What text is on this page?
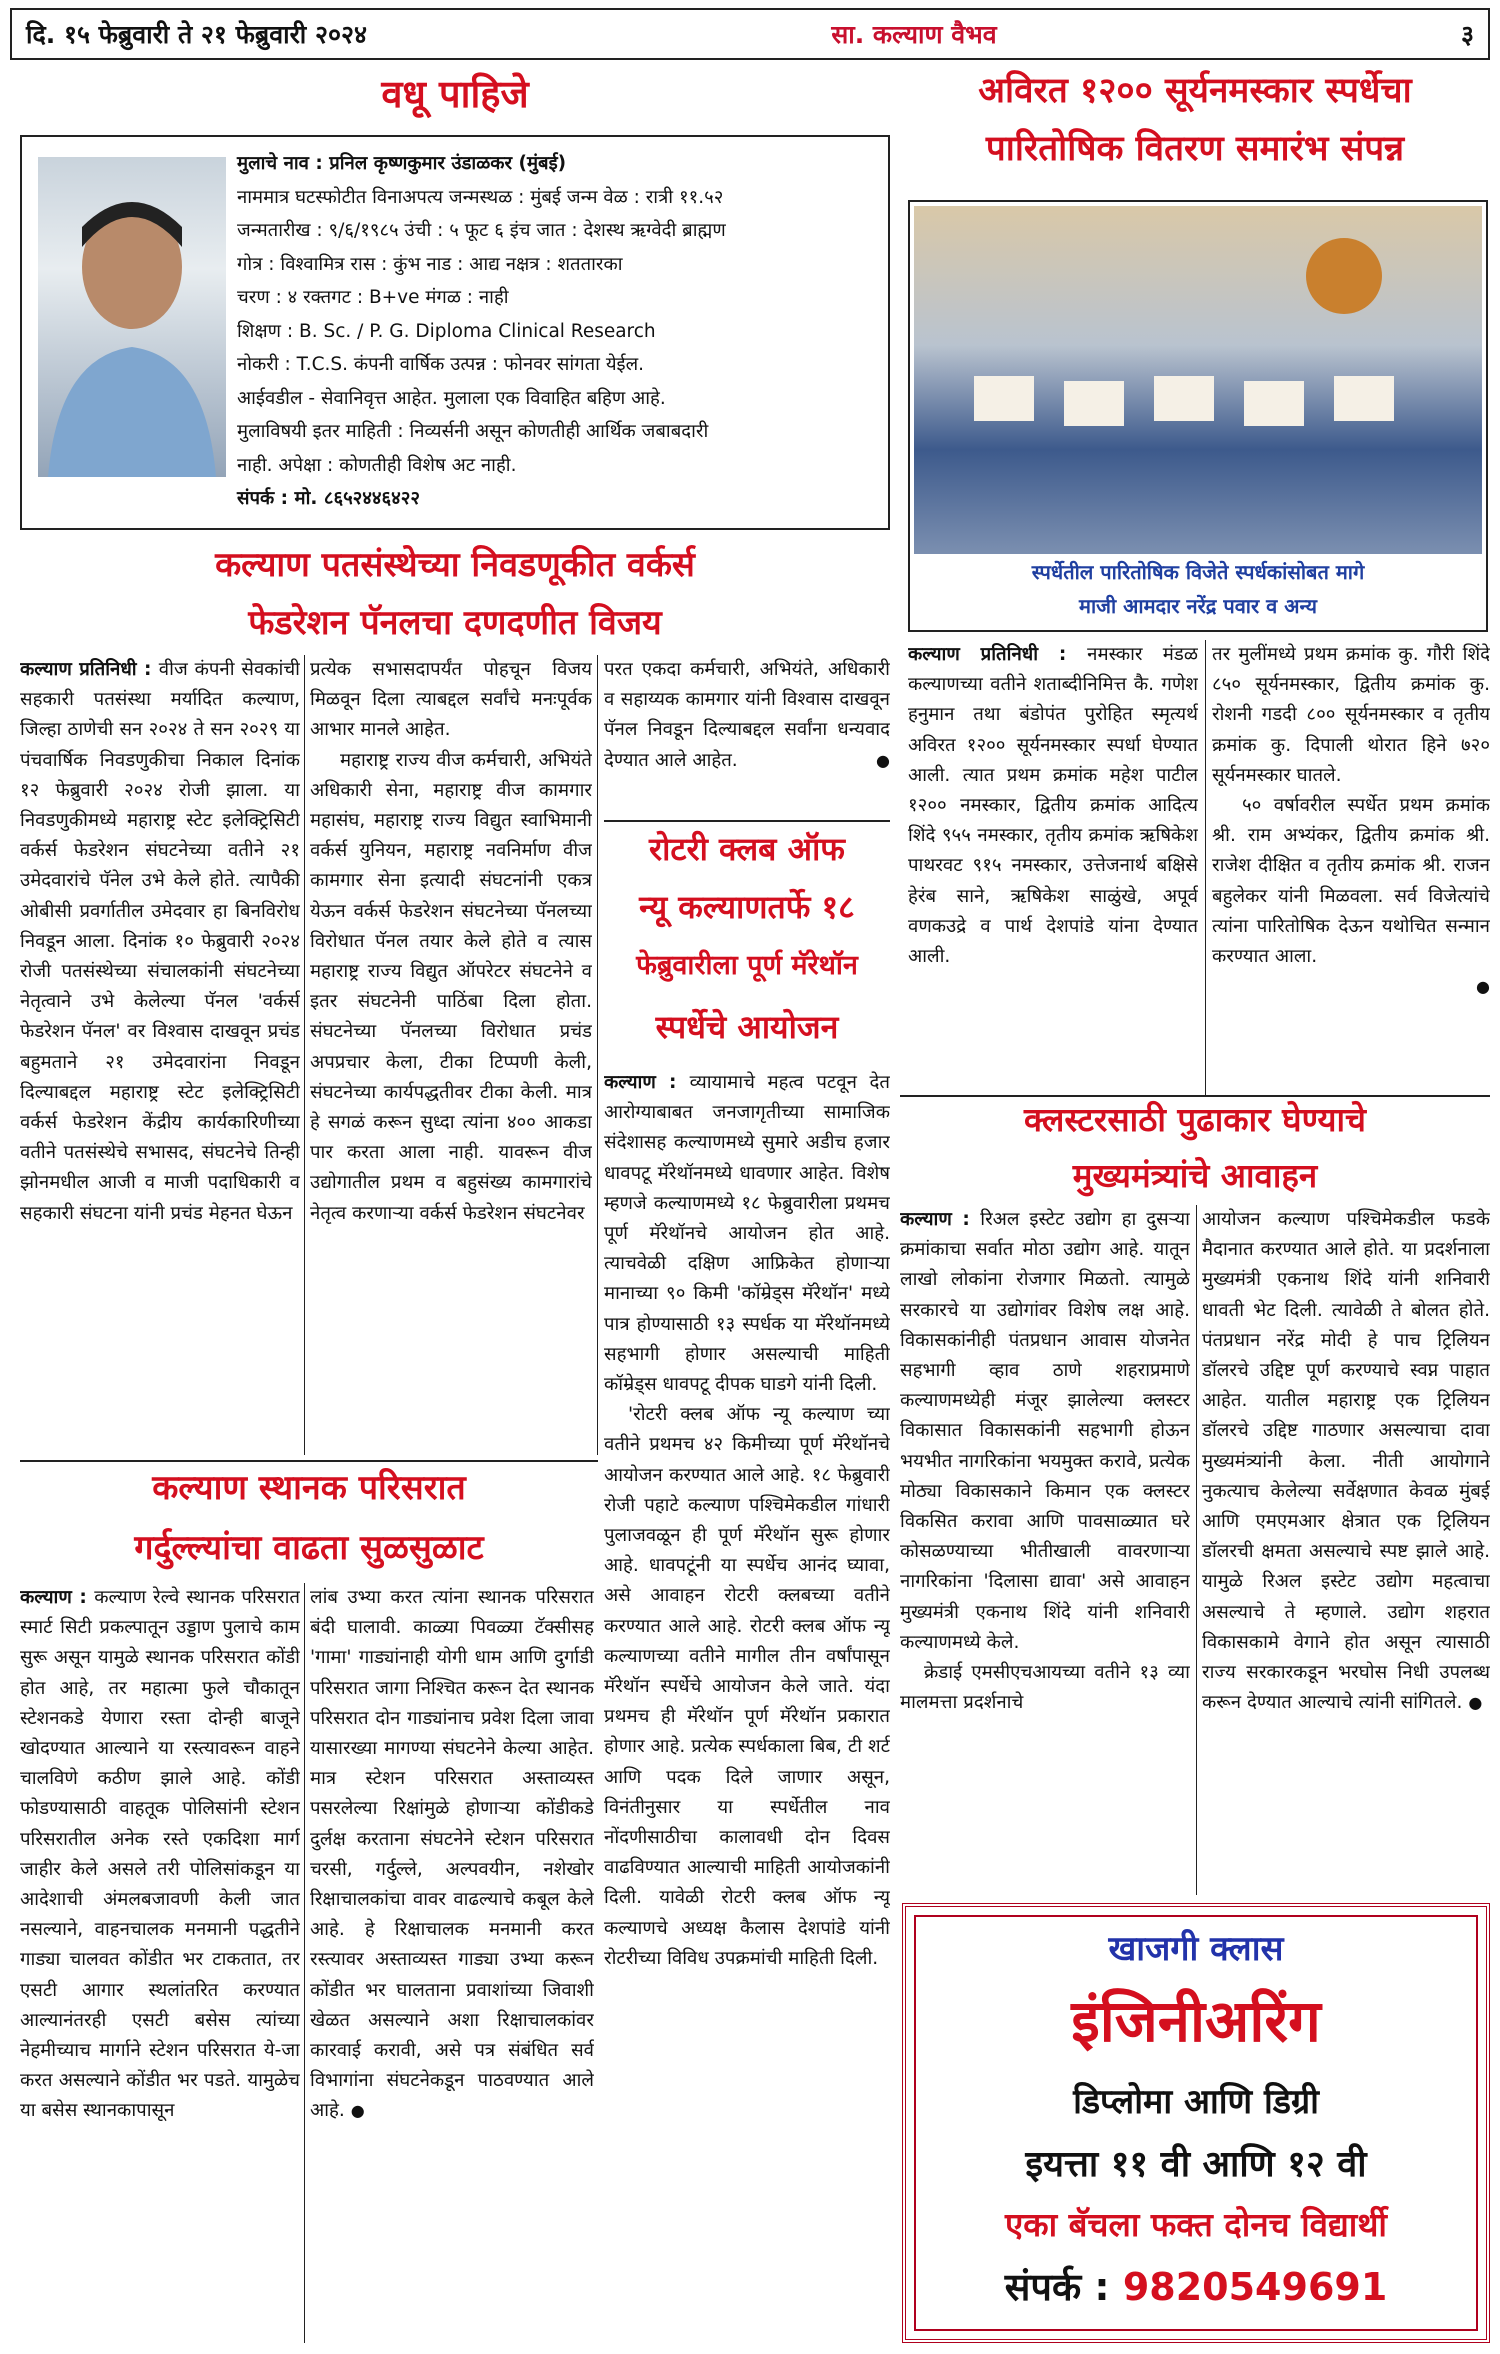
दि. १५ फेब्रुवारी ते २१ फेब्रुवारी २०२४	सा. कल्याण वैभव	३
वधू पाहिजे
मुलाचे नाव : प्रनिल कृष्णकुमार उंडाळकर (मुंबई)
नाममात्र घटस्फोटीत विनाअपत्य जन्मस्थळ : मुंबई जन्म वेळ : रात्री ११.५२
जन्मतारीख : ९/६/१९८५ उंची : ५ फूट ६ इंच जात : देशस्थ ऋग्वेदी ब्राह्मण
गोत्र : विश्वामित्र रास : कुंभ नाड : आद्य नक्षत्र : शततारका
चरण : ४ रक्तगट : B+ve मंगळ : नाही
शिक्षण : B. Sc. / P. G. Diploma Clinical Research
नोकरी : T.C.S. कंपनी वार्षिक उत्पन्न : फोनवर सांगता येईल.
आईवडील - सेवानिवृत्त आहेत. मुलाला एक विवाहित बहिण आहे.
मुलाविषयी इतर माहिती : निव्यर्सनी असून कोणतीही आर्थिक जबाबदारी
नाही. अपेक्षा : कोणतीही विशेष अट नाही.
संपर्क : मो. ८६५२४४६४२२
अविरत १२०० सूर्यनमस्कार स्पर्धेचा
पारितोषिक वितरण समारंभ संपन्न
स्पर्धेतील पारितोषिक विजेते स्पर्धकांसोबत मागे
माजी आमदार नरेंद्र पवार व अन्य
कल्याण प्रतिनिधी : नमस्कार मंडळ कल्याणच्या वतीने शताब्दीनिमित्त कै. गणेश हनुमान तथा बंडोपंत पुरोहित स्मृत्यर्थ अविरत १२०० सूर्यनमस्कार स्पर्धा घेण्यात आली. त्यात प्रथम क्रमांक महेश पाटील १२०० नमस्कार, द्वितीय क्रमांक आदित्य शिंदे ९५५ नमस्कार, तृतीय क्रमांक ऋषिकेश पाथरवट ९१५ नमस्कार, उत्तेजनार्थ बक्षिसे हेरंब साने, ऋषिकेश साळुंखे, अपूर्व वणकउद्रे व पार्थ देशपांडे यांना देण्यात आली.

तर मुलींमध्ये प्रथम क्रमांक कु. गौरी शिंदे ८५० सूर्यनमस्कार, द्वितीय क्रमांक कु. रोशनी गडदी ८०० सूर्यनमस्कार व तृतीय क्रमांक कु. दिपाली थोरात हिने ७२० सूर्यनमस्कार घातले.

५० वर्षावरील स्पर्धेत प्रथम क्रमांक श्री. राम अभ्यंकर, द्वितीय क्रमांक श्री. राजेश दीक्षित व तृतीय क्रमांक श्री. राजन बहुलेकर यांनी मिळवला. सर्व विजेत्यांचे त्यांना पारितोषिक देऊन यथोचित सन्मान करण्यात आला.

●
कल्याण पतसंस्थेच्या निवडणूकीत वर्कर्स
फेडरेशन पॅनलचा दणदणीत विजय
कल्याण प्रतिनिधी : वीज कंपनी सेवकांची सहकारी पतसंस्था मर्यादित कल्याण, जिल्हा ठाणेची सन २०२४ ते सन २०२९ या पंचवार्षिक निवडणुकीचा निकाल दिनांक १२ फेब्रुवारी २०२४ रोजी झाला. या निवडणुकीमध्ये महाराष्ट्र स्टेट इलेक्ट्रिसिटी वर्कर्स फेडरेशन संघटनेच्या वतीने २१ उमेदवारांचे पॅनेल उभे केले होते. त्यापैकी ओबीसी प्रवर्गातील उमेदवार हा बिनविरोध निवडून आला. दिनांक १० फेब्रुवारी २०२४ रोजी पतसंस्थेच्या संचालकांनी संघटनेच्या नेतृत्वाने उभे केलेल्या पॅनल 'वर्कर्स फेडरेशन पॅनल' वर विश्वास दाखवून प्रचंड बहुमताने २१ उमेदवारांना निवडून दिल्याबद्दल महाराष्ट्र स्टेट इलेक्ट्रिसिटी वर्कर्स फेडरेशन केंद्रीय कार्यकारिणीच्या वतीने पतसंस्थेचे सभासद, संघटनेचे तिन्ही झोनमधील आजी व माजी पदाधिकारी व सहकारी संघटना यांनी प्रचंड मेहनत घेऊन

प्रत्येक सभासदापर्यंत पोहचून विजय मिळवून दिला त्याबद्दल सर्वांचे मनःपूर्वक आभार मानले आहेत.

महाराष्ट्र राज्य वीज कर्मचारी, अभियंते अधिकारी सेना, महाराष्ट्र वीज कामगार महासंघ, महाराष्ट्र राज्य विद्युत स्वाभिमानी वर्कर्स युनियन, महाराष्ट्र नवनिर्माण वीज कामगार सेना इत्यादी संघटनांनी एकत्र येऊन वर्कर्स फेडरेशन संघटनेच्या पॅनलच्या विरोधात पॅनल तयार केले होते व त्यास महाराष्ट्र राज्य विद्युत ऑपरेटर संघटनेने व इतर संघटनेनी पाठिंबा दिला होता. संघटनेच्या पॅनलच्या विरोधात प्रचंड अपप्रचार केला, टीका टिप्पणी केली, संघटनेच्या कार्यपद्धतीवर टीका केली. मात्र हे सगळं करून सुध्दा त्यांना ४०० आकडा पार करता आला नाही. यावरून वीज उद्योगातील प्रथम व बहुसंख्य कामगारांचे नेतृत्व करणाऱ्या वर्कर्स फेडरेशन संघटनेवर

परत एकदा कर्मचारी, अभियंते, अधिकारी व सहाय्यक कामगार यांनी विश्वास दाखवून पॅनल निवडून दिल्याबद्दल सर्वांना धन्यवाद देण्यात आले आहेत.	●
रोटरी क्लब ऑफ
न्यू कल्याणतर्फे १८
फेब्रुवारीला पूर्ण मॅरेथॉन
स्पर्धेचे आयोजन

कल्याण : व्यायामाचे महत्व पटवून देत आरोग्याबाबत जनजागृतीच्या सामाजिक संदेशासह कल्याणमध्ये सुमारे अडीच हजार धावपटू मॅरेथॉनमध्ये धावणार आहेत. विशेष म्हणजे कल्याणमध्ये १८ फेब्रुवारीला प्रथमच पूर्ण मॅरेथॉनचे आयोजन होत आहे. त्याचवेळी दक्षिण आफ्रिकेत होणाऱ्या मानाच्या ९० किमी 'कॉम्रेड्स मॅरेथॉन' मध्ये पात्र होण्यासाठी १३ स्पर्धक या मॅरेथॉनमध्ये सहभागी होणार असल्याची माहिती कॉम्रेड्स धावपटू दीपक घाडगे यांनी दिली.

'रोटरी क्लब ऑफ न्यू कल्याण च्या वतीने प्रथमच ४२ किमीच्या पूर्ण मॅरेथॉनचे आयोजन करण्यात आले आहे. १८ फेब्रुवारी रोजी पहाटे कल्याण पश्चिमेकडील गांधारी पुलाजवळून ही पूर्ण मॅरेथॉन सुरू होणार आहे. धावपटूंनी या स्पर्धेच आनंद घ्यावा, असे आवाहन रोटरी क्लबच्या वतीने करण्यात आले आहे. रोटरी क्लब ऑफ न्यू कल्याणच्या वतीने मागील तीन वर्षांपासून मॅरेथॉन स्पर्धेचे आयोजन केले जाते. यंदा प्रथमच ही मॅरेथॉन पूर्ण मॅरेथॉन प्रकारात होणार आहे. प्रत्येक स्पर्धकाला बिब, टी शर्ट आणि पदक दिले जाणार असून, विनंतीनुसार या स्पर्धेतील नाव नोंदणीसाठीचा कालावधी दोन दिवस वाढविण्यात आल्याची माहिती आयोजकांनी दिली. यावेळी रोटरी क्लब ऑफ न्यू कल्याणचे अध्यक्ष कैलास देशपांडे यांनी रोटरीच्या विविध उपक्रमांची माहिती दिली.

क्लस्टरसाठी पुढाकार घेण्याचे
मुख्यमंत्र्यांचे आवाहन

कल्याण : रिअल इस्टेट उद्योग हा दुसऱ्या क्रमांकाचा सर्वात मोठा उद्योग आहे. यातून लाखो लोकांना रोजगार मिळतो. त्यामुळे सरकारचे या उद्योगांवर विशेष लक्ष आहे. विकासकांनीही पंतप्रधान आवास योजनेत सहभागी व्हाव ठाणे शहराप्रमाणे कल्याणमध्येही मंजूर झालेल्या क्लस्टर विकासात विकासकांनी सहभागी होऊन भयभीत नागरिकांना भयमुक्त करावे, प्रत्येक मोठ्या विकासकाने किमान एक क्लस्टर विकसित करावा आणि पावसाळ्यात घरे कोसळण्याच्या भीतीखाली वावरणाऱ्या नागरिकांना 'दिलासा द्यावा' असे आवाहन मुख्यमंत्री एकनाथ शिंदे यांनी शनिवारी कल्याणमध्ये केले.

क्रेडाई एमसीएचआयच्या वतीने १३ व्या मालमत्ता प्रदर्शनाचे

आयोजन कल्याण पश्चिमेकडील फडके मैदानात करण्यात आले होते. या प्रदर्शनाला मुख्यमंत्री एकनाथ शिंदे यांनी शनिवारी धावती भेट दिली. त्यावेळी ते बोलत होते. पंतप्रधान नरेंद्र मोदी हे पाच ट्रिलियन डॉलरचे उद्दिष्ट पूर्ण करण्याचे स्वप्न पाहात आहेत. यातील महाराष्ट्र एक ट्रिलियन डॉलरचे उद्दिष्ट गाठणार असल्याचा दावा मुख्यमंत्र्यांनी केला. नीती आयोगाने नुकत्याच केलेल्या सर्वेक्षणात केवळ मुंबई आणि एमएमआर क्षेत्रात एक ट्रिलियन डॉलरची क्षमता असल्याचे स्पष्ट झाले आहे. यामुळे रिअल इस्टेट उद्योग महत्वाचा असल्याचे ते म्हणाले. उद्योग शहरात विकासकामे वेगाने होत असून त्यासाठी राज्य सरकारकडून भरघोस निधी उपलब्ध करून देण्यात आल्याचे त्यांनी सांगितले. ●
कल्याण स्थानक परिसरात
गर्दुल्ल्यांचा वाढता सुळसुळाट
कल्याण : कल्याण रेल्वे स्थानक परिसरात स्मार्ट सिटी प्रकल्पातून उड्डाण पुलाचे काम सुरू असून यामुळे स्थानक परिसरात कोंडी होत आहे, तर महात्मा फुले चौकातून स्टेशनकडे येणारा रस्ता दोन्ही बाजूने खोदण्यात आल्याने या रस्त्यावरून वाहने चालविणे कठीण झाले आहे. कोंडी फोडण्यासाठी वाहतूक पोलिसांनी स्टेशन परिसरातील अनेक रस्ते एकदिशा मार्ग जाहीर केले असले तरी पोलिसांकडून या आदेशाची अंमलबजावणी केली जात नसल्याने, वाहनचालक मनमानी पद्धतीने गाड्या चालवत कोंडीत भर टाकतात, तर एसटी आगार स्थलांतरित करण्यात आल्यानंतरही एसटी बसेस त्यांच्या नेहमीच्याच मार्गाने स्टेशन परिसरात ये-जा करत असल्याने कोंडीत भर पडते. यामुळेच या बसेस स्थानकापासून
लांब उभ्या करत त्यांना स्थानक परिसरात बंदी घालावी. काळ्या पिवळ्या टॅक्सीसह 'गामा' गाड्यांनाही योगी धाम आणि दुर्गाडी परिसरात जागा निश्चित करून देत स्थानक परिसरात दोन गाड्यांनाच प्रवेश दिला जावा यासारख्या मागण्या संघटनेने केल्या आहेत. मात्र स्टेशन परिसरात अस्ताव्यस्त पसरलेल्या रिक्षांमुळे होणाऱ्या कोंडीकडे दुर्लक्ष करताना संघटनेने स्टेशन परिसरात चरसी, गर्दुल्ले, अल्पवयीन, नशेखोर रिक्षाचालकांचा वावर वाढल्याचे कबूल केले आहे. हे रिक्षाचालक मनमानी करत रस्त्यावर अस्ताव्यस्त गाड्या उभ्या करून कोंडीत भर घालताना प्रवाशांच्या जिवाशी खेळत असल्याने अशा रिक्षाचालकांवर कारवाई करावी, असे पत्र संबंधित सर्व विभागांना संघटनेकडून पाठवण्यात आले आहे. ●
खाजगी क्लास
इंजिनीअरिंग
डिप्लोमा आणि डिग्री
इयत्ता ११ वी आणि १२ वी
एका बॅचला फक्त दोनच विद्यार्थी
संपर्क : 9820549691
